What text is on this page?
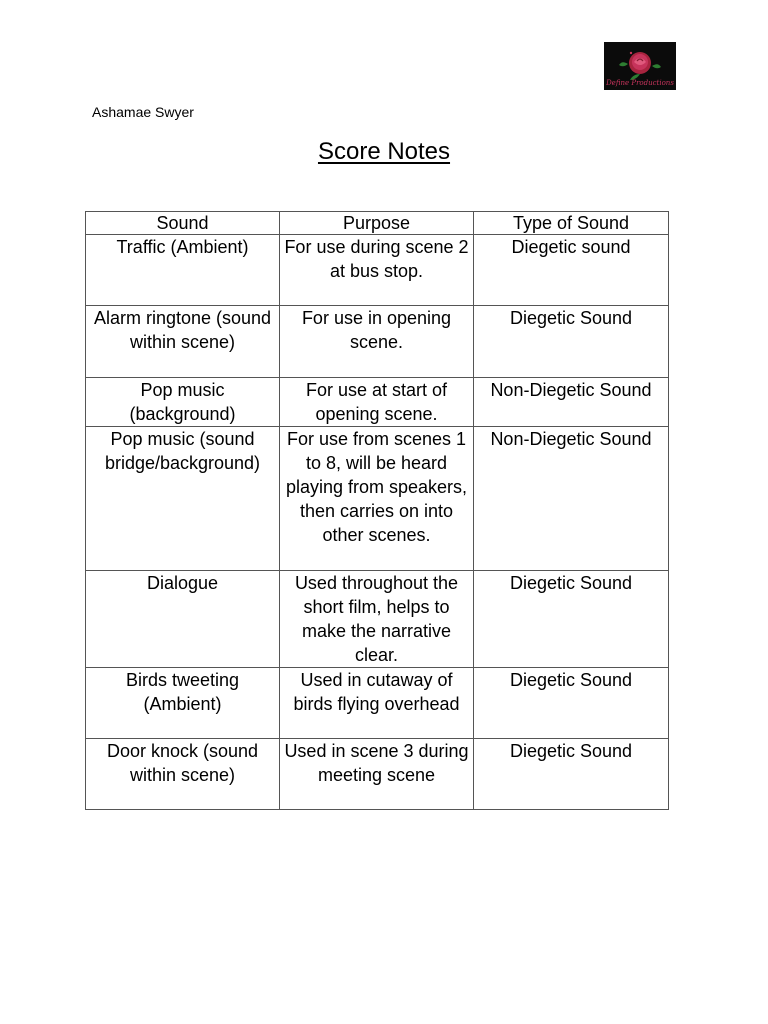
Define Productions
Ashamae Swyer
Score Notes
Sound	Purpose	Type of Sound
Traffic (Ambient)	For use during scene 2 at bus stop.	Diegetic sound
Alarm ringtone (sound within scene)	For use in opening scene.	Diegetic Sound
Pop music (background)	For use at start of opening scene.	Non-Diegetic Sound
Pop music (sound bridge/background)	For use from scenes 1 to 8, will be heard playing from speakers, then carries on into other scenes.	Non-Diegetic Sound
Dialogue	Used throughout the short film, helps to make the narrative clear.	Diegetic Sound
Birds tweeting (Ambient)	Used in cutaway of birds flying overhead	Diegetic Sound
Door knock (sound within scene)	Used in scene 3 during meeting scene	Diegetic Sound
